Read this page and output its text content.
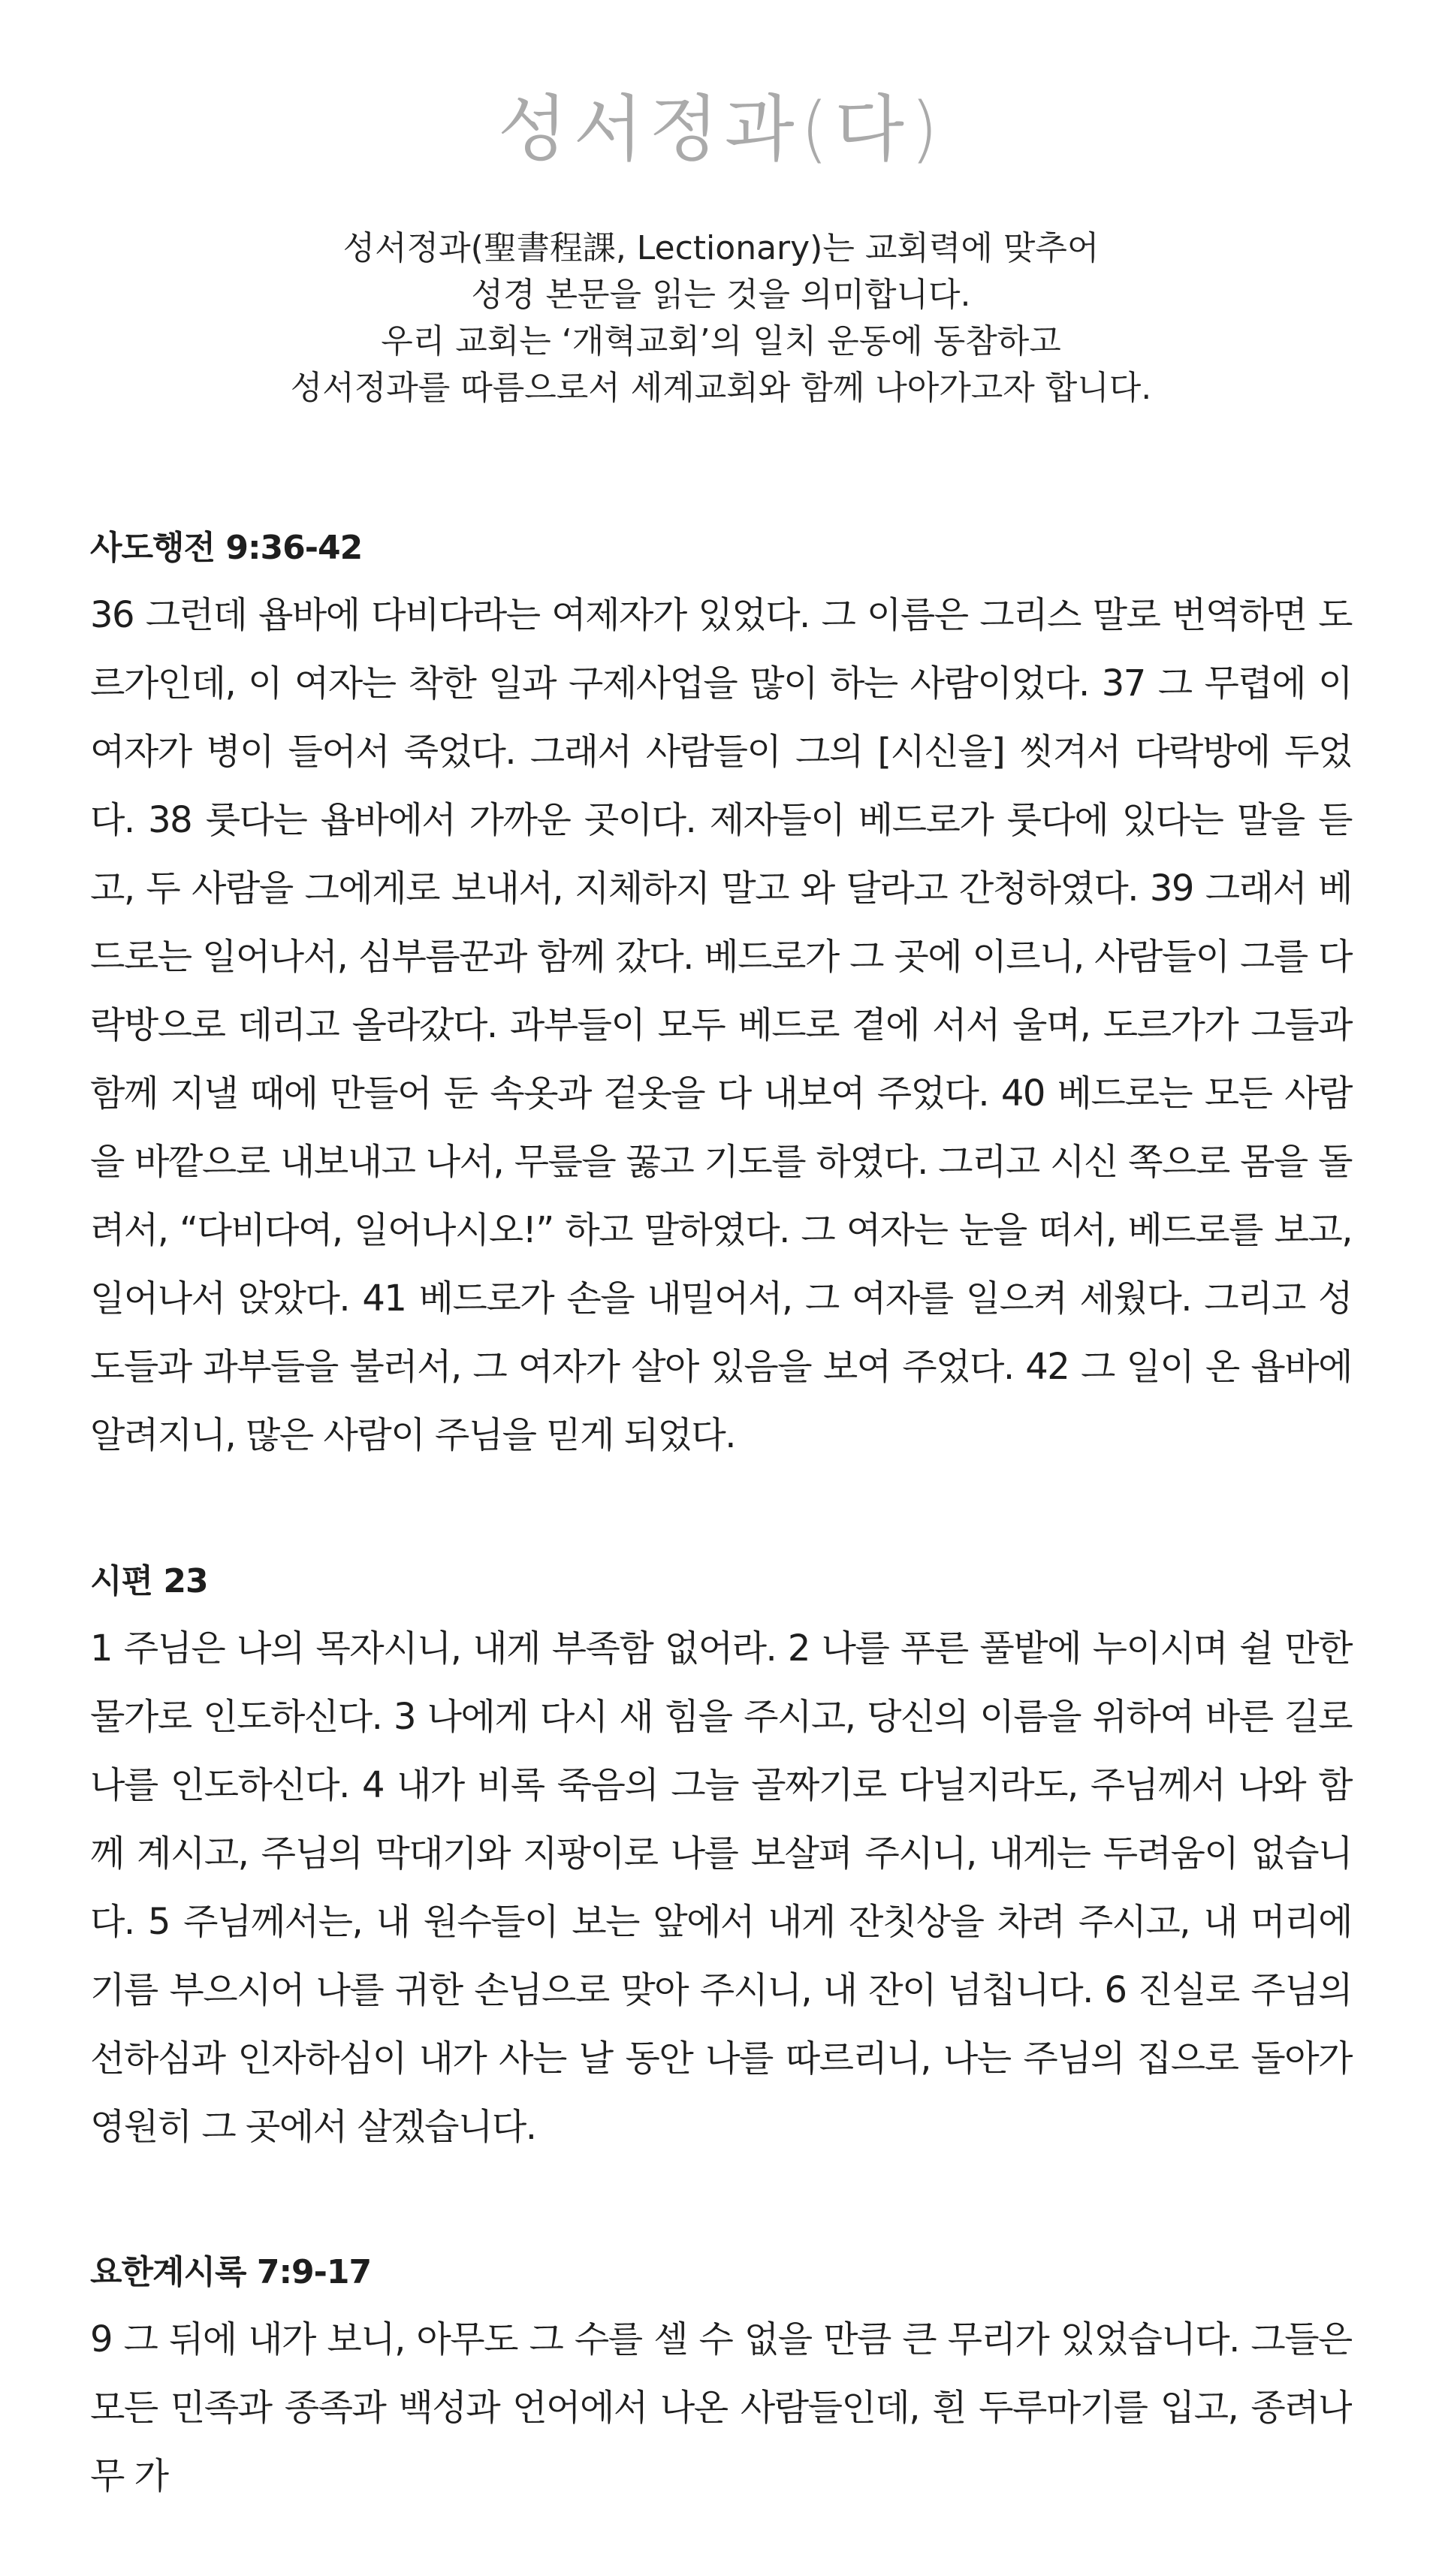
성서정과(다)
성서정과(聖書程課, Lectionary)는 교회력에 맞추어
성경 본문을 읽는 것을 의미합니다.
우리 교회는 ‘개혁교회’의 일치 운동에 동참하고
성서정과를 따름으로서 세계교회와 함께 나아가고자 합니다.
사도행전 9:36-42

36 그런데 욥바에 다비다라는 여제자가 있었다. 그 이름은 그리스 말로 번역하면 도르가인데, 이 여자는 착한 일과 구제사업을 많이 하는 사람이었다. 37 그 무렵에 이 여자가 병이 들어서 죽었다. 그래서 사람들이 그의 [시신을] 씻겨서 다락방에 두었다. 38 룻다는 욥바에서 가까운 곳이다. 제자들이 베드로가 룻다에 있다는 말을 듣고, 두 사람을 그에게로 보내서, 지체하지 말고 와 달라고 간청하였다. 39 그래서 베드로는 일어나서, 심부름꾼과 함께 갔다. 베드로가 그 곳에 이르니, 사람들이 그를 다락방으로 데리고 올라갔다. 과부들이 모두 베드로 곁에 서서 울며, 도르가가 그들과 함께 지낼 때에 만들어 둔 속옷과 겉옷을 다 내보여 주었다. 40 베드로는 모든 사람을 바깥으로 내보내고 나서, 무릎을 꿇고 기도를 하였다. 그리고 시신 쪽으로 몸을 돌려서, “다비다여, 일어나시오!” 하고 말하였다. 그 여자는 눈을 떠서, 베드로를 보고, 일어나서 앉았다. 41 베드로가 손을 내밀어서, 그 여자를 일으켜 세웠다. 그리고 성도들과 과부들을 불러서, 그 여자가 살아 있음을 보여 주었다. 42 그 일이 온 욥바에 알려지니, 많은 사람이 주님을 믿게 되었다.

시편 23

1 주님은 나의 목자시니, 내게 부족함 없어라. 2 나를 푸른 풀밭에 누이시며 쉴 만한 물가로 인도하신다. 3 나에게 다시 새 힘을 주시고, 당신의 이름을 위하여 바른 길로 나를 인도하신다. 4 내가 비록 죽음의 그늘 골짜기로 다닐지라도, 주님께서 나와 함께 계시고, 주님의 막대기와 지팡이로 나를 보살펴 주시니, 내게는 두려움이 없습니다. 5 주님께서는, 내 원수들이 보는 앞에서 내게 잔칫상을 차려 주시고, 내 머리에 기름 부으시어 나를 귀한 손님으로 맞아 주시니, 내 잔이 넘칩니다. 6 진실로 주님의 선하심과 인자하심이 내가 사는 날 동안 나를 따르리니, 나는 주님의 집으로 돌아가 영원히 그 곳에서 살겠습니다.

요한계시록 7:9-17

9 그 뒤에 내가 보니, 아무도 그 수를 셀 수 없을 만큼 큰 무리가 있었습니다. 그들은 모든 민족과 종족과 백성과 언어에서 나온 사람들인데, 흰 두루마기를 입고, 종려나무 가
